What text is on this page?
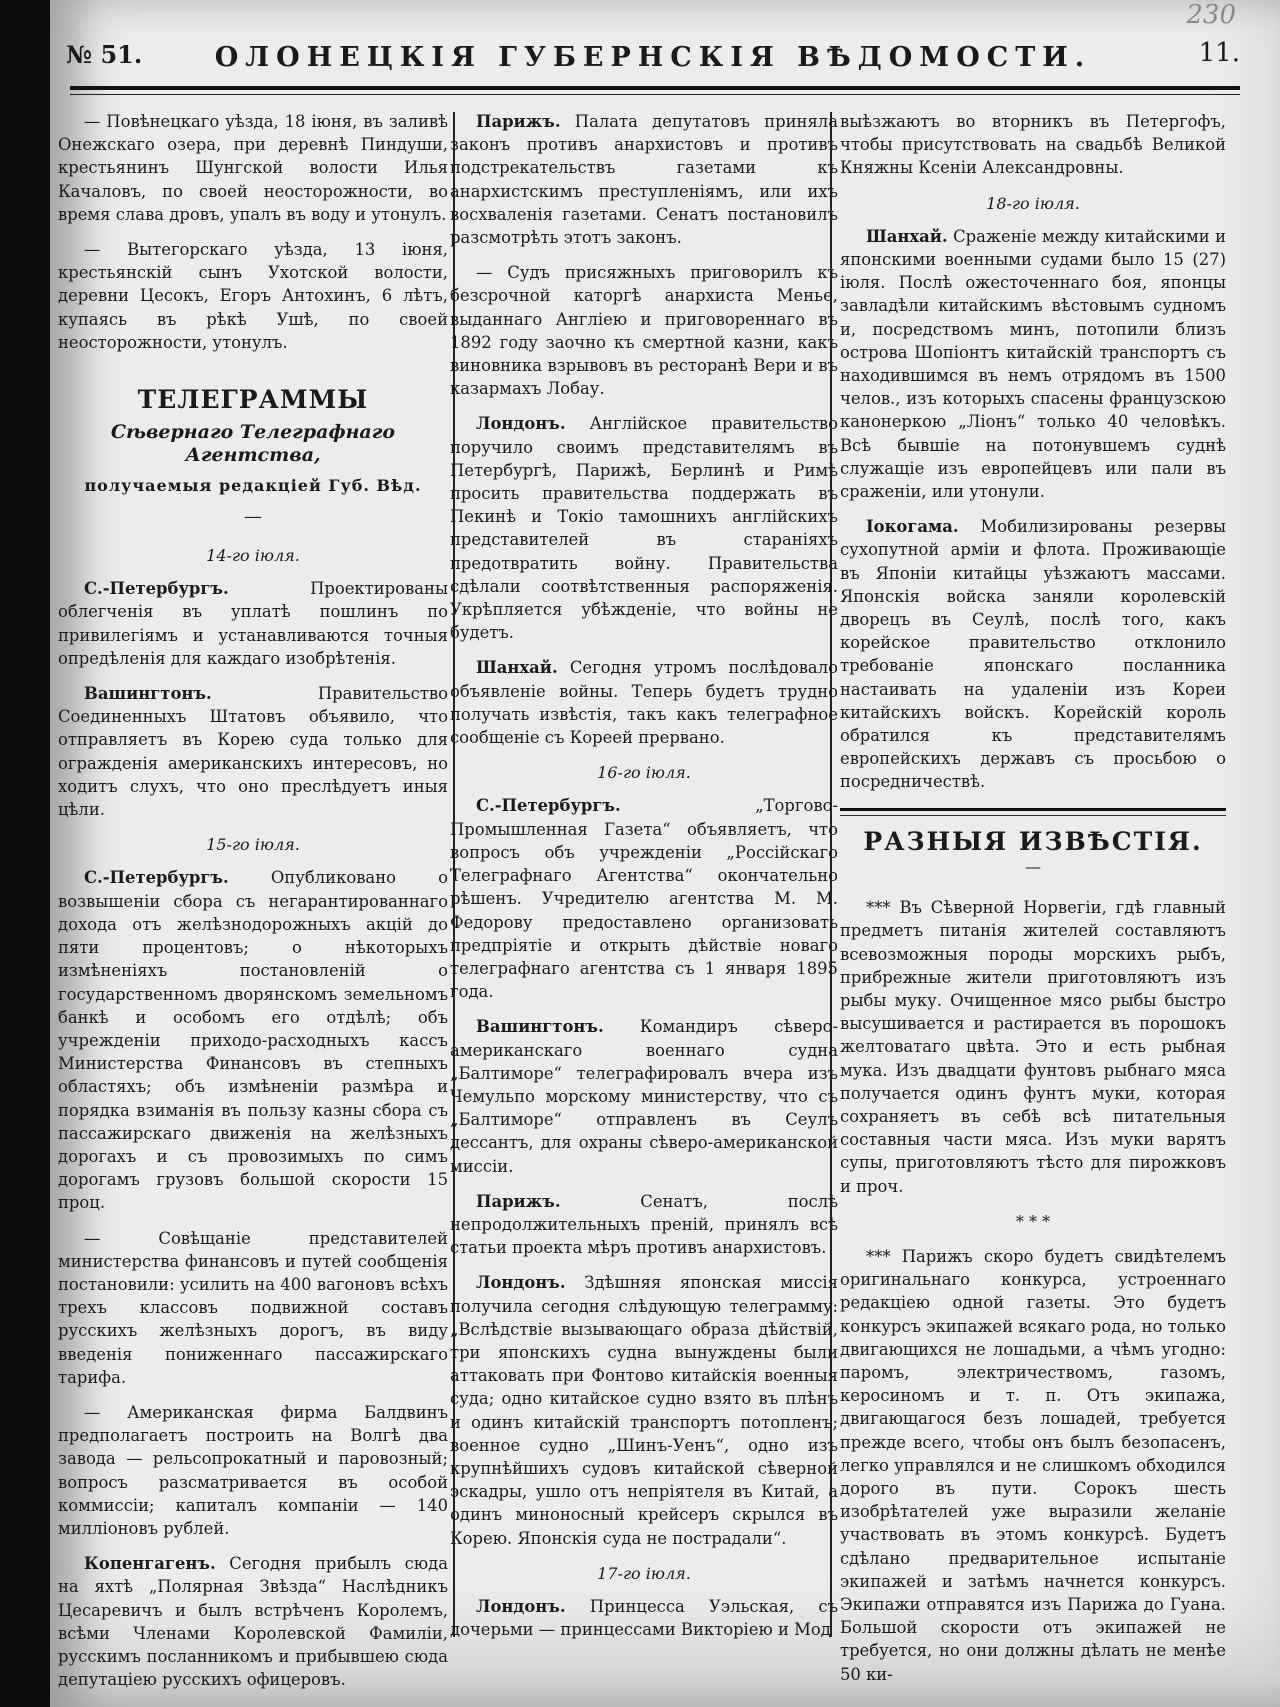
230
№ 51.	ОЛОНЕЦКІЯ ГУБЕРНСКІЯ ВѢДОМОСТИ.	11.

— Повѣнецкаго уѣзда, 18 іюня, въ заливѣ Онежскаго озера, при деревнѣ Пиндуши, крестьянинъ Шунгской волости Илья Качаловъ, по своей неосторожности, во время слава дровъ, упалъ въ воду и утонулъ.

— Вытегорскаго уѣзда, 13 іюня, крестьянскій сынъ Ухотской волости, деревни Цесокъ, Егоръ Антохинъ, 6 лѣтъ, купаясь въ рѣкѣ Ушѣ, по своей неосторожности, утонулъ.

ТЕЛЕГРАММЫ
Сѣвернаго Телеграфнаго Агентства,
получаемыя редакціей Губ. Вѣд.
—
14-го іюля.

С.-Петербургъ. Проектированы облегченія въ уплатѣ пошлинъ по привилегіямъ и устанавливаются точныя опредѣленія для каждаго изобрѣтенія.

Вашингтонъ. Правительство Соединенныхъ Штатовъ объявило, что отправляетъ въ Корею суда только для огражденія американскихъ интересовъ, но ходитъ слухъ, что оно преслѣдуетъ иныя цѣли.

15-го іюля.

С.-Петербургъ. Опубликовано о возвышеніи сбора съ негарантированнаго дохода отъ желѣзнодорожныхъ акцій до пяти процентовъ; о нѣкоторыхъ измѣненіяхъ постановленій о государственномъ дворянскомъ земельномъ банкѣ и особомъ его отдѣлѣ; объ учрежденіи приходо-расходныхъ кассъ Министерства Финансовъ въ степныхъ областяхъ; объ измѣненіи размѣра и порядка взиманія въ пользу казны сбора съ пассажирскаго движенія на желѣзныхъ дорогахъ и съ провозимыхъ по симъ дорогамъ грузовъ большой скорости 15 проц.

— Совѣщаніе представителей министерства финансовъ и путей сообщенія постановили: усилить на 400 вагоновъ всѣхъ трехъ классовъ подвижной составъ русскихъ желѣзныхъ дорогъ, въ виду введенія пониженнаго пассажирскаго тарифа.

— Американская фирма Балдвинъ предполагаетъ построить на Волгѣ два завода — рельсопрокатный и паровозный; вопросъ разсматривается въ особой коммиссіи; капиталъ компаніи — 140 милліоновъ рублей.

Копенгагенъ. Сегодня прибылъ сюда на яхтѣ „Полярная Звѣзда“ Наслѣдникъ Цесаревичъ и былъ встрѣченъ Королемъ, всѣми Членами Королевской Фамиліи, русскимъ посланникомъ и прибывшею сюда депутаціею русскихъ офицеровъ.

Парижъ. Палата депутатовъ приняла законъ противъ анархистовъ и противъ подстрекательствъ газетами къ анархистскимъ преступленіямъ, или ихъ восхваленія газетами. Сенатъ постановилъ разсмотрѣть этотъ законъ.

— Судъ присяжныхъ приговорилъ къ безсрочной каторгѣ анархиста Менье, выданнаго Англіею и приговореннаго въ 1892 году заочно къ смертной казни, какъ виновника взрывовъ въ ресторанѣ Вери и въ казармахъ Лобау.

Лондонъ. Англійское правительство поручило своимъ представителямъ въ Петербургѣ, Парижѣ, Берлинѣ и Римѣ просить правительства поддержать въ Пекинѣ и Токіо тамошнихъ англійскихъ представителей въ стараніяхъ предотвратить войну. Правительства сдѣлали соотвѣтственныя распоряженія. Укрѣпляется убѣжденіе, что войны не будетъ.

Шанхай. Сегодня утромъ послѣдовало объявленіе войны. Теперь будетъ трудно получать извѣстія, такъ какъ телеграфное сообщеніе съ Кореей прервано.

16-го іюля.

С.-Петербургъ. „Торгово-Промышленная Газета“ объявляетъ, что вопросъ объ учрежденіи „Россійскаго Телеграфнаго Агентства“ окончательно рѣшенъ. Учредителю агентства М. М. Федорову предоставлено организовать предпріятіе и открыть дѣйствіе новаго телеграфнаго агентства съ 1 января 1895 года.

Вашингтонъ. Командиръ сѣверо-американскаго военнаго судна „Балтиморе“ телеграфировалъ вчера изъ Чемульпо морскому министерству, что съ „Балтиморе“ отправленъ въ Сеулъ дессантъ, для охраны сѣверо-американской миссіи.

Парижъ. Сенатъ, послѣ непродолжительныхъ преній, принялъ всѣ статьи проекта мѣръ противъ анархистовъ.

Лондонъ. Здѣшняя японская миссія получила сегодня слѣдующую телеграмму: „Вслѣдствіе вызывающаго образа дѣйствій, три японскихъ судна вынуждены были аттаковать при Фонтово китайскія военныя суда; одно китайское судно взято въ плѣнъ и одинъ китайскій транспортъ потопленъ; военное судно „Шинъ-Уенъ“, одно изъ крупнѣйшихъ судовъ китайской сѣверной эскадры, ушло отъ непріятеля въ Китай, а одинъ миноносный крейсеръ скрылся въ Корею. Японскія суда не пострадали“.

17-го іюля.

Лондонъ. Принцесса Уэльская, съ дочерьми — принцессами Викторіею и Мод

выѣзжаютъ во вторникъ въ Петергофъ, чтобы присутствовать на свадьбѣ Великой Княжны Ксеніи Александровны.

18-го іюля.

Шанхай. Сраженіе между китайскими и японскими военными судами было 15 (27) іюля. Послѣ ожесточеннаго боя, японцы завладѣли китайскимъ вѣстовымъ судномъ и, посредствомъ минъ, потопили близъ острова Шопіонтъ китайскій транспортъ съ находившимся въ немъ отрядомъ въ 1500 челов., изъ которыхъ спасены французскою канонеркою „Ліонъ“ только 40 человѣкъ. Всѣ бывшіе на потонувшемъ суднѣ служащіе изъ европейцевъ или пали въ сраженіи, или утонули.

Іокогама. Мобилизированы резервы сухопутной арміи и флота. Проживающіе въ Японіи китайцы уѣзжаютъ массами. Японскія войска заняли королевскій дворецъ въ Сеулѣ, послѣ того, какъ корейское правительство отклонило требованіе японскаго посланника настаивать на удаленіи изъ Кореи китайскихъ войскъ. Корейскій король обратился къ представителямъ европейскихъ державъ съ просьбою о посредничествѣ.

РАЗНЫЯ ИЗВѢСТІЯ.
—

*** Въ Сѣверной Норвегіи, гдѣ главный предметъ питанія жителей составляютъ всевозможныя породы морскихъ рыбъ, прибрежные жители приготовляютъ изъ рыбы муку. Очищенное мясо рыбы быстро высушивается и растирается въ порошокъ желтоватаго цвѣта. Это и есть рыбная мука. Изъ двадцати фунтовъ рыбнаго мяса получается одинъ фунтъ муки, которая сохраняетъ въ себѣ всѣ питательныя составныя части мяса. Изъ муки варятъ супы, приготовляютъ тѣсто для пирожковъ и проч.

* * *

*** Парижъ скоро будетъ свидѣтелемъ оригинальнаго конкурса, устроеннаго редакціею одной газеты. Это будетъ конкурсъ экипажей всякаго рода, но только двигающихся не лошадьми, а чѣмъ угодно: паромъ, электричествомъ, газомъ, керосиномъ и т. п. Отъ экипажа, двигающагося безъ лошадей, требуется прежде всего, чтобы онъ былъ безопасенъ, легко управлялся и не слишкомъ обходился дорого въ пути. Сорокъ шесть изобрѣтателей уже выразили желаніе участвовать въ этомъ конкурсѣ. Будетъ сдѣлано предварительное испытаніе экипажей и затѣмъ начнется конкурсъ. Экипажи отправятся изъ Парижа до Гуана. Большой скорости отъ экипажей не требуется, но они должны дѣлать не менѣе 50 ки-
